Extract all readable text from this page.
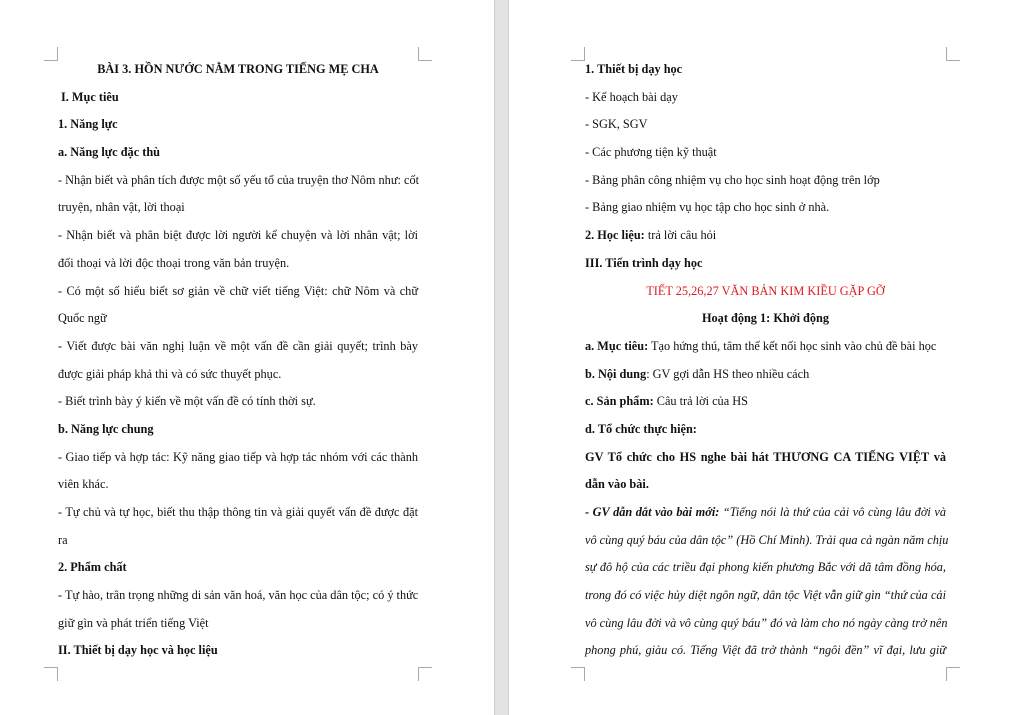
BÀI 3. HỒN NƯỚC NẰM TRONG TIẾNG MẸ CHA
I. Mục tiêu
1. Năng lực
a. Năng lực đặc thù
- Nhận biết và phân tích được một số yếu tố của truyện thơ Nôm như: cốt
truyện, nhân vật, lời thoại
- Nhận biết và phân biệt được lời người kể chuyện và lời nhân vật; lời
đối thoại và lời độc thoại trong văn bản truyện.
- Có một số hiểu biết sơ giản về chữ viết tiếng Việt: chữ Nôm và chữ
Quốc ngữ
- Viết được bài văn nghị luận về một vấn đề cần giải quyết; trình bày
được giải pháp khả thi và có sức thuyết phục.
- Biết trình bày ý kiến về một vấn đề có tính thời sự.
b. Năng lực chung
- Giao tiếp và hợp tác: Kỹ năng giao tiếp và hợp tác nhóm với các thành
viên khác.
- Tự chủ và tự học, biết thu thập thông tin và giải quyết vấn đề được đặt
ra
2. Phẩm chất
- Tự hào, trân trọng những di sản văn hoá, văn học của dân tộc; có ý thức
giữ gìn và phát triển tiếng Việt
II. Thiết bị dạy học và học liệu
1. Thiết bị dạy học
- Kế hoạch bài dạy
- SGK, SGV
- Các phương tiện kỹ thuật
- Bảng phân công nhiệm vụ cho học sinh hoạt động trên lớp
- Bảng giao nhiệm vụ học tập cho học sinh ở nhà.
2. Học liệu: trả lời câu hỏi
III. Tiến trình dạy học
TIẾT 25,26,27 VĂN BẢN KIM KIỀU GẶP GỠ
Hoạt động 1: Khởi động
a. Mục tiêu: Tạo hứng thú, tâm thế kết nối học sinh vào chủ đề bài học
b. Nội dung: GV gợi dẫn HS theo nhiều cách
c. Sản phẩm: Câu trả lời của HS
d. Tổ chức thực hiện:
GV Tổ chức cho HS nghe bài hát THƯƠNG CA TIẾNG VIỆT và
dẫn vào bài.
- GV dẫn dắt vào bài mới: “Tiếng nói là thứ của cải vô cùng lâu đời và
vô cùng quý báu của dân tộc” (Hồ Chí Minh). Trải qua cả ngàn năm chịu
sự đô hộ của các triều đại phong kiến phương Bắc với dã tâm đồng hóa,
trong đó có việc hủy diệt ngôn ngữ, dân tộc Việt vẫn giữ gìn “thứ của cải
vô cùng lâu đời và vô cùng quý báu” đó và làm cho nó ngày càng trở nên
phong phú, giàu có. Tiếng Việt đã trở thành “ngôi đền” vĩ đại, lưu giữ
